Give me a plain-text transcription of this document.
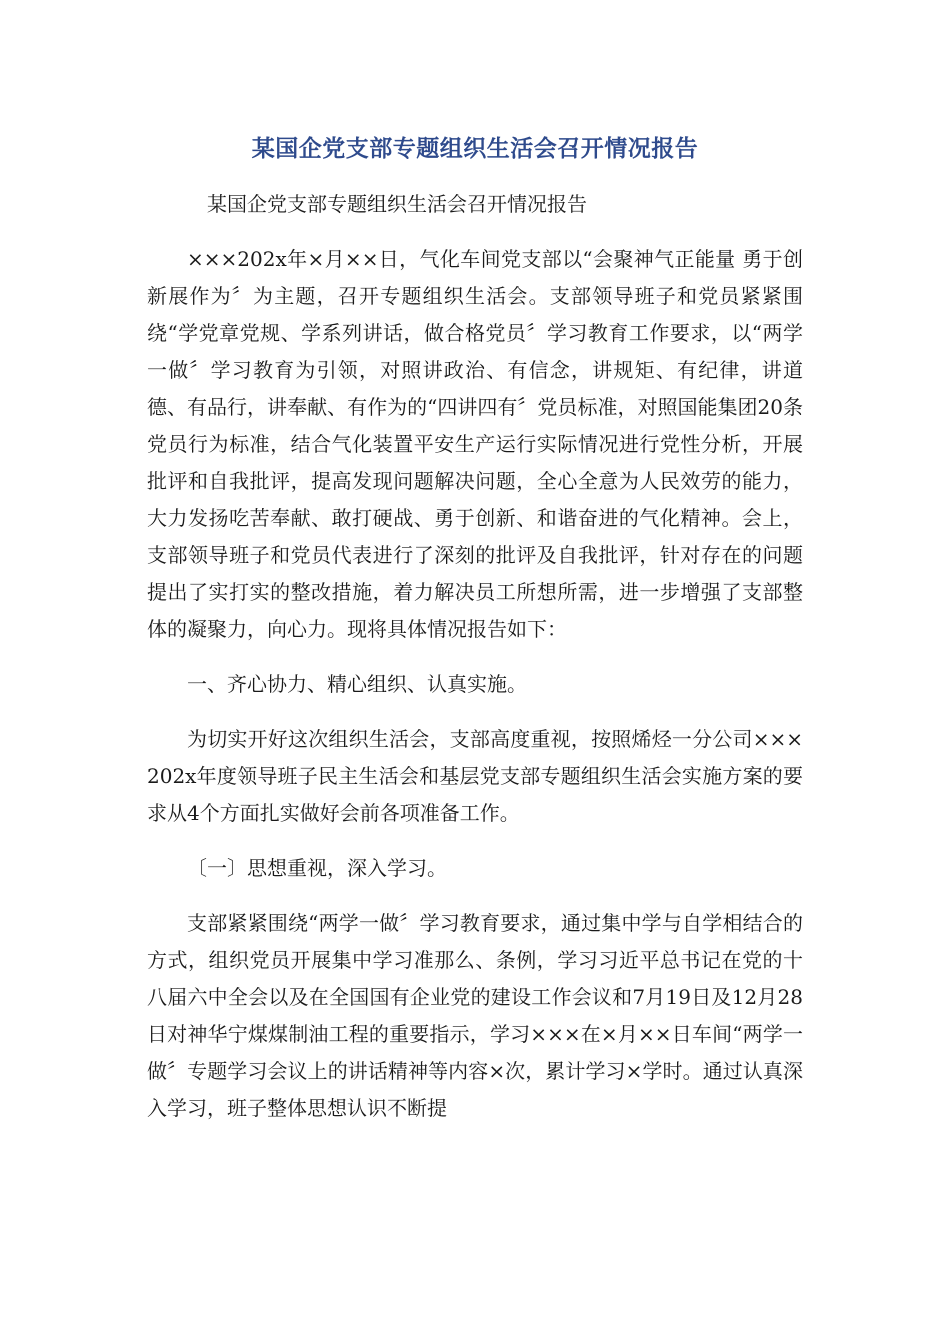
某国企党支部专题组织生活会召开情况报告

某国企党支部专题组织生活会召开情况报告

×××202x年×月××日，气化车间党支部以“会聚神气正能量 勇于创新展作为〞为主题，召开专题组织生活会。支部领导班子和党员紧紧围绕“学党章党规、学系列讲话，做合格党员〞学习教育工作要求，以“两学一做〞学习教育为引领，对照讲政治、有信念，讲规矩、有纪律，讲道德、有品行，讲奉献、有作为的“四讲四有〞党员标准，对照国能集团20条党员行为标准，结合气化装置平安生产运行实际情况进行党性分析，开展批评和自我批评，提高发现问题解决问题，全心全意为人民效劳的能力，大力发扬吃苦奉献、敢打硬战、勇于创新、和谐奋进的气化精神。会上，支部领导班子和党员代表进行了深刻的批评及自我批评，针对存在的问题提出了实打实的整改措施，着力解决员工所想所需，进一步增强了支部整体的凝聚力，向心力。现将具体情况报告如下：

一、齐心协力、精心组织、认真实施。

为切实开好这次组织生活会，支部高度重视，按照烯烃一分公司×××202x年度领导班子民主生活会和基层党支部专题组织生活会实施方案的要求从4个方面扎实做好会前各项准备工作。

〔一〕思想重视，深入学习。

支部紧紧围绕“两学一做〞学习教育要求，通过集中学与自学相结合的方式，组织党员开展集中学习准那么、条例，学习习近平总书记在党的十八届六中全会以及在全国国有企业党的建设工作会议和7月19日及12月28日对神华宁煤煤制油工程的重要指示，学习×××在×月××日车间“两学一做〞专题学习会议上的讲话精神等内容×次，累计学习×学时。通过认真深入学习，班子整体思想认识不断提
